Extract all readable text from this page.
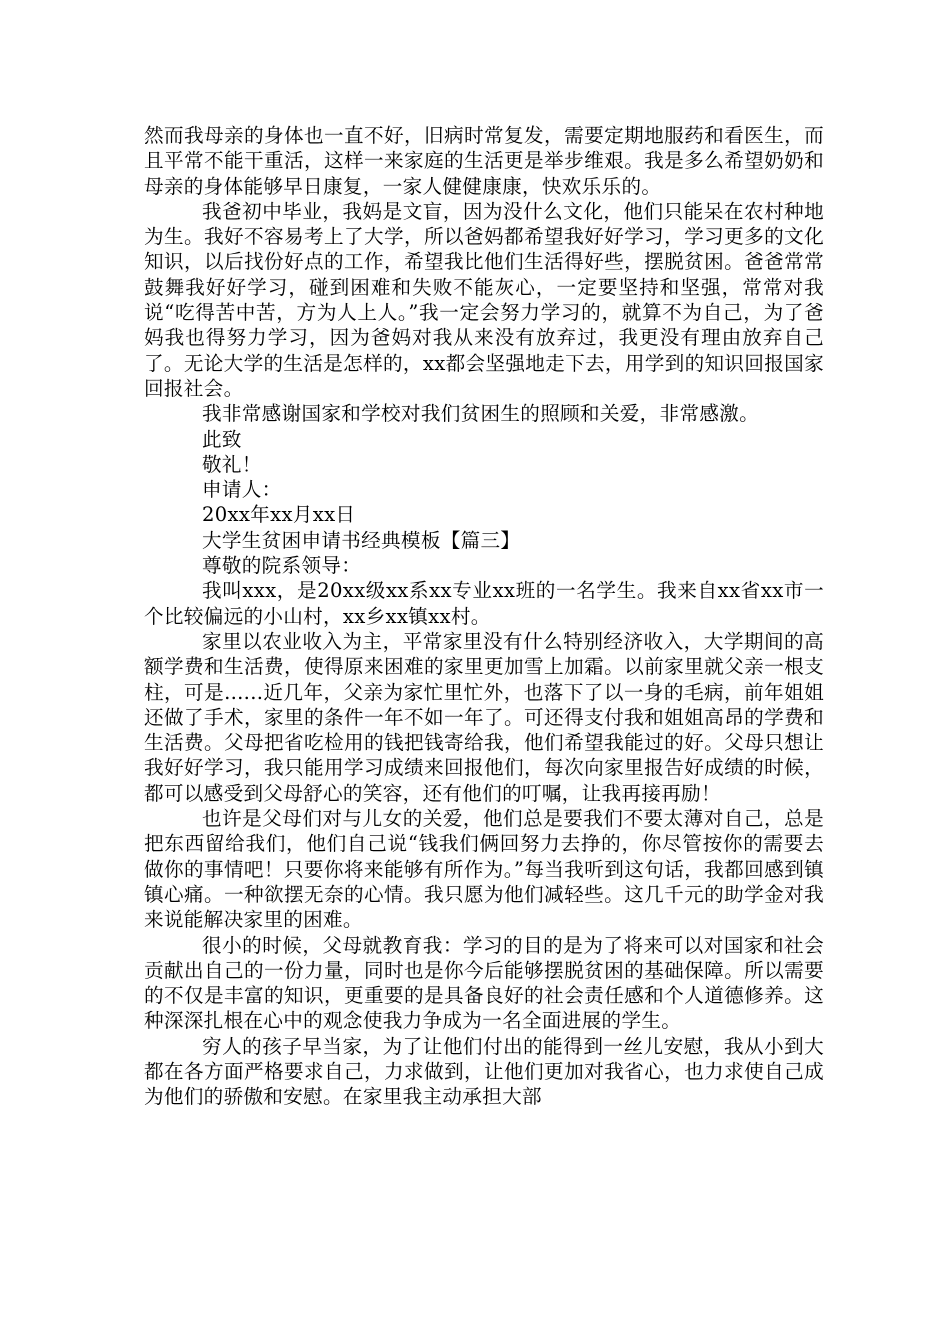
然而我母亲的身体也一直不好，旧病时常复发，需要定期地服药和看医生，而且平常不能干重活，这样一来家庭的生活更是举步维艰。我是多么希望奶奶和母亲的身体能够早日康复，一家人健健康康，快欢乐乐的。

我爸初中毕业，我妈是文盲，因为没什么文化，他们只能呆在农村种地为生。我好不容易考上了大学，所以爸妈都希望我好好学习，学习更多的文化知识，以后找份好点的工作，希望我比他们生活得好些，摆脱贫困。爸爸常常鼓舞我好好学习，碰到困难和失败不能灰心，一定要坚持和坚强，常常对我说“吃得苦中苦，方为人上人。”我一定会努力学习的，就算不为自己，为了爸妈我也得努力学习，因为爸妈对我从来没有放弃过，我更没有理由放弃自己了。无论大学的生活是怎样的，xx都会坚强地走下去，用学到的知识回报国家回报社会。

我非常感谢国家和学校对我们贫困生的照顾和关爱，非常感激。

此致

敬礼！

申请人：

20xx年xx月xx日

大学生贫困申请书经典模板【篇三】

尊敬的院系领导：

我叫xxx，是20xx级xx系xx专业xx班的一名学生。我来自xx省xx市一个比较偏远的小山村，xx乡xx镇xx村。

家里以农业收入为主，平常家里没有什么特别经济收入，大学期间的高额学费和生活费，使得原来困难的家里更加雪上加霜。以前家里就父亲一根支柱，可是......近几年，父亲为家忙里忙外，也落下了以一身的毛病，前年姐姐还做了手术，家里的条件一年不如一年了。可还得支付我和姐姐高昂的学费和生活费。父母把省吃检用的钱把钱寄给我，他们希望我能过的好。父母只想让我好好学习，我只能用学习成绩来回报他们，每次向家里报告好成绩的时候，都可以感受到父母舒心的笑容，还有他们的叮嘱，让我再接再励！

也许是父母们对与儿女的关爱，他们总是要我们不要太薄对自己，总是把东西留给我们，他们自己说“钱我们俩回努力去挣的，你尽管按你的需要去做你的事情吧！只要你将来能够有所作为。”每当我听到这句话，我都回感到镇镇心痛。一种欲摆无奈的心情。我只愿为他们减轻些。这几千元的助学金对我来说能解决家里的困难。

很小的时候，父母就教育我：学习的目的是为了将来可以对国家和社会贡献出自己的一份力量，同时也是你今后能够摆脱贫困的基础保障。所以需要的不仅是丰富的知识，更重要的是具备良好的社会责任感和个人道德修养。这种深深扎根在心中的观念使我力争成为一名全面进展的学生。

穷人的孩子早当家，为了让他们付出的能得到一丝儿安慰，我从小到大都在各方面严格要求自己，力求做到，让他们更加对我省心，也力求使自己成为他们的骄傲和安慰。在家里我主动承担大部
